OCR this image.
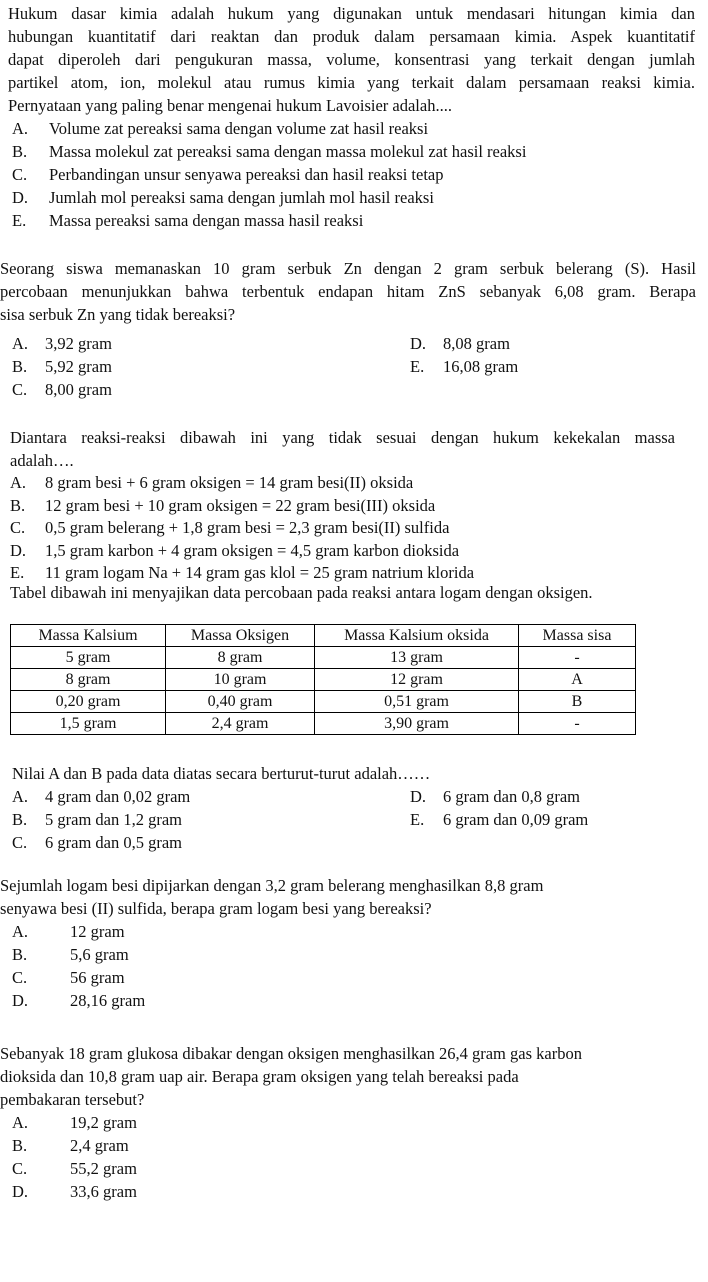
Hukum dasar kimia adalah hukum yang digunakan untuk mendasari hitungan kimia dan
hubungan kuantitatif dari reaktan dan produk dalam persamaan kimia. Aspek kuantitatif
dapat diperoleh dari pengukuran massa, volume, konsentrasi yang terkait dengan jumlah
partikel atom, ion, molekul atau rumus kimia yang terkait dalam persamaan reaksi kimia.
Pernyataan yang paling benar mengenai hukum Lavoisier adalah....
A. Volume zat pereaksi sama dengan volume zat hasil reaksi
B. Massa molekul zat pereaksi sama dengan massa molekul zat hasil reaksi
C. Perbandingan unsur senyawa pereaksi dan hasil reaksi tetap
D. Jumlah mol pereaksi sama dengan jumlah mol hasil reaksi
E. Massa pereaksi sama dengan massa hasil reaksi
Seorang siswa memanaskan 10 gram serbuk Zn dengan 2 gram serbuk belerang (S). Hasil
percobaan menunjukkan bahwa terbentuk endapan hitam ZnS sebanyak 6,08 gram. Berapa
sisa serbuk Zn yang tidak bereaksi?
A. 3,92 gram
B. 5,92 gram
C. 8,00 gram
D. 8,08 gram
E. 16,08 gram
Diantara reaksi-reaksi dibawah ini yang tidak sesuai dengan hukum kekekalan massa
adalah….
A. 8 gram besi + 6 gram oksigen = 14 gram besi(II) oksida
B. 12 gram besi + 10 gram oksigen = 22 gram besi(III) oksida
C. 0,5 gram belerang + 1,8 gram besi = 2,3 gram besi(II) sulfida
D. 1,5 gram karbon + 4 gram oksigen = 4,5 gram karbon dioksida
E. 11 gram logam Na + 14 gram gas klol = 25 gram natrium klorida
Tabel dibawah ini menyajikan data percobaan pada reaksi antara logam dengan oksigen.
Massa Kalsium	Massa Oksigen	Massa Kalsium oksida	Massa sisa
5 gram	8 gram	13 gram	-
8 gram	10 gram	12 gram	A
0,20 gram	0,40 gram	0,51 gram	B
1,5 gram	2,4 gram	3,90 gram	-
Nilai A dan B pada data diatas secara berturut-turut adalah……
A. 4 gram dan 0,02 gram
B. 5 gram dan 1,2 gram
C. 6 gram dan 0,5 gram
D. 6 gram dan 0,8 gram
E. 6 gram dan 0,09 gram
Sejumlah logam besi dipijarkan dengan 3,2 gram belerang menghasilkan 8,8 gram
senyawa besi (II) sulfida, berapa gram logam besi yang bereaksi?
A.	12 gram
B.	5,6 gram
C.	56 gram
D.	28,16 gram
Sebanyak 18 gram glukosa dibakar dengan oksigen menghasilkan 26,4 gram gas karbon
dioksida dan 10,8 gram uap air. Berapa gram oksigen yang telah bereaksi pada
pembakaran tersebut?
A.	19,2 gram
B.	2,4 gram
C.	55,2 gram
D.	33,6 gram
